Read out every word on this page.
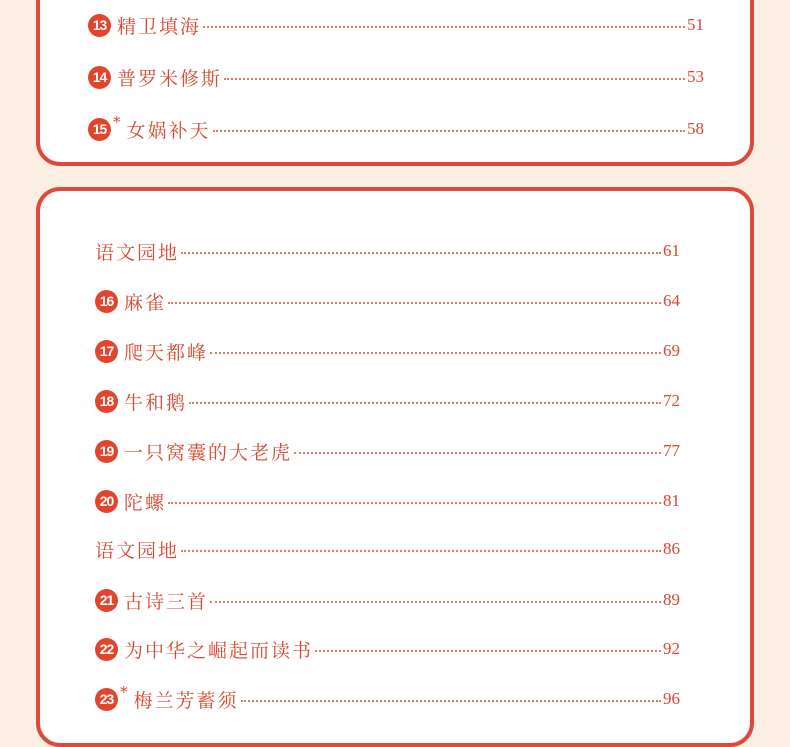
13 精卫填海	51
14 普罗米修斯	53
15 * 女娲补天	58
语文园地	61
16 麻雀	64
17 爬天都峰	69
18 牛和鹅	72
19 一只窝囊的大老虎	77
20 陀螺	81
语文园地	86
21 古诗三首	89
22 为中华之崛起而读书	92
23 * 梅兰芳蓄须	96
